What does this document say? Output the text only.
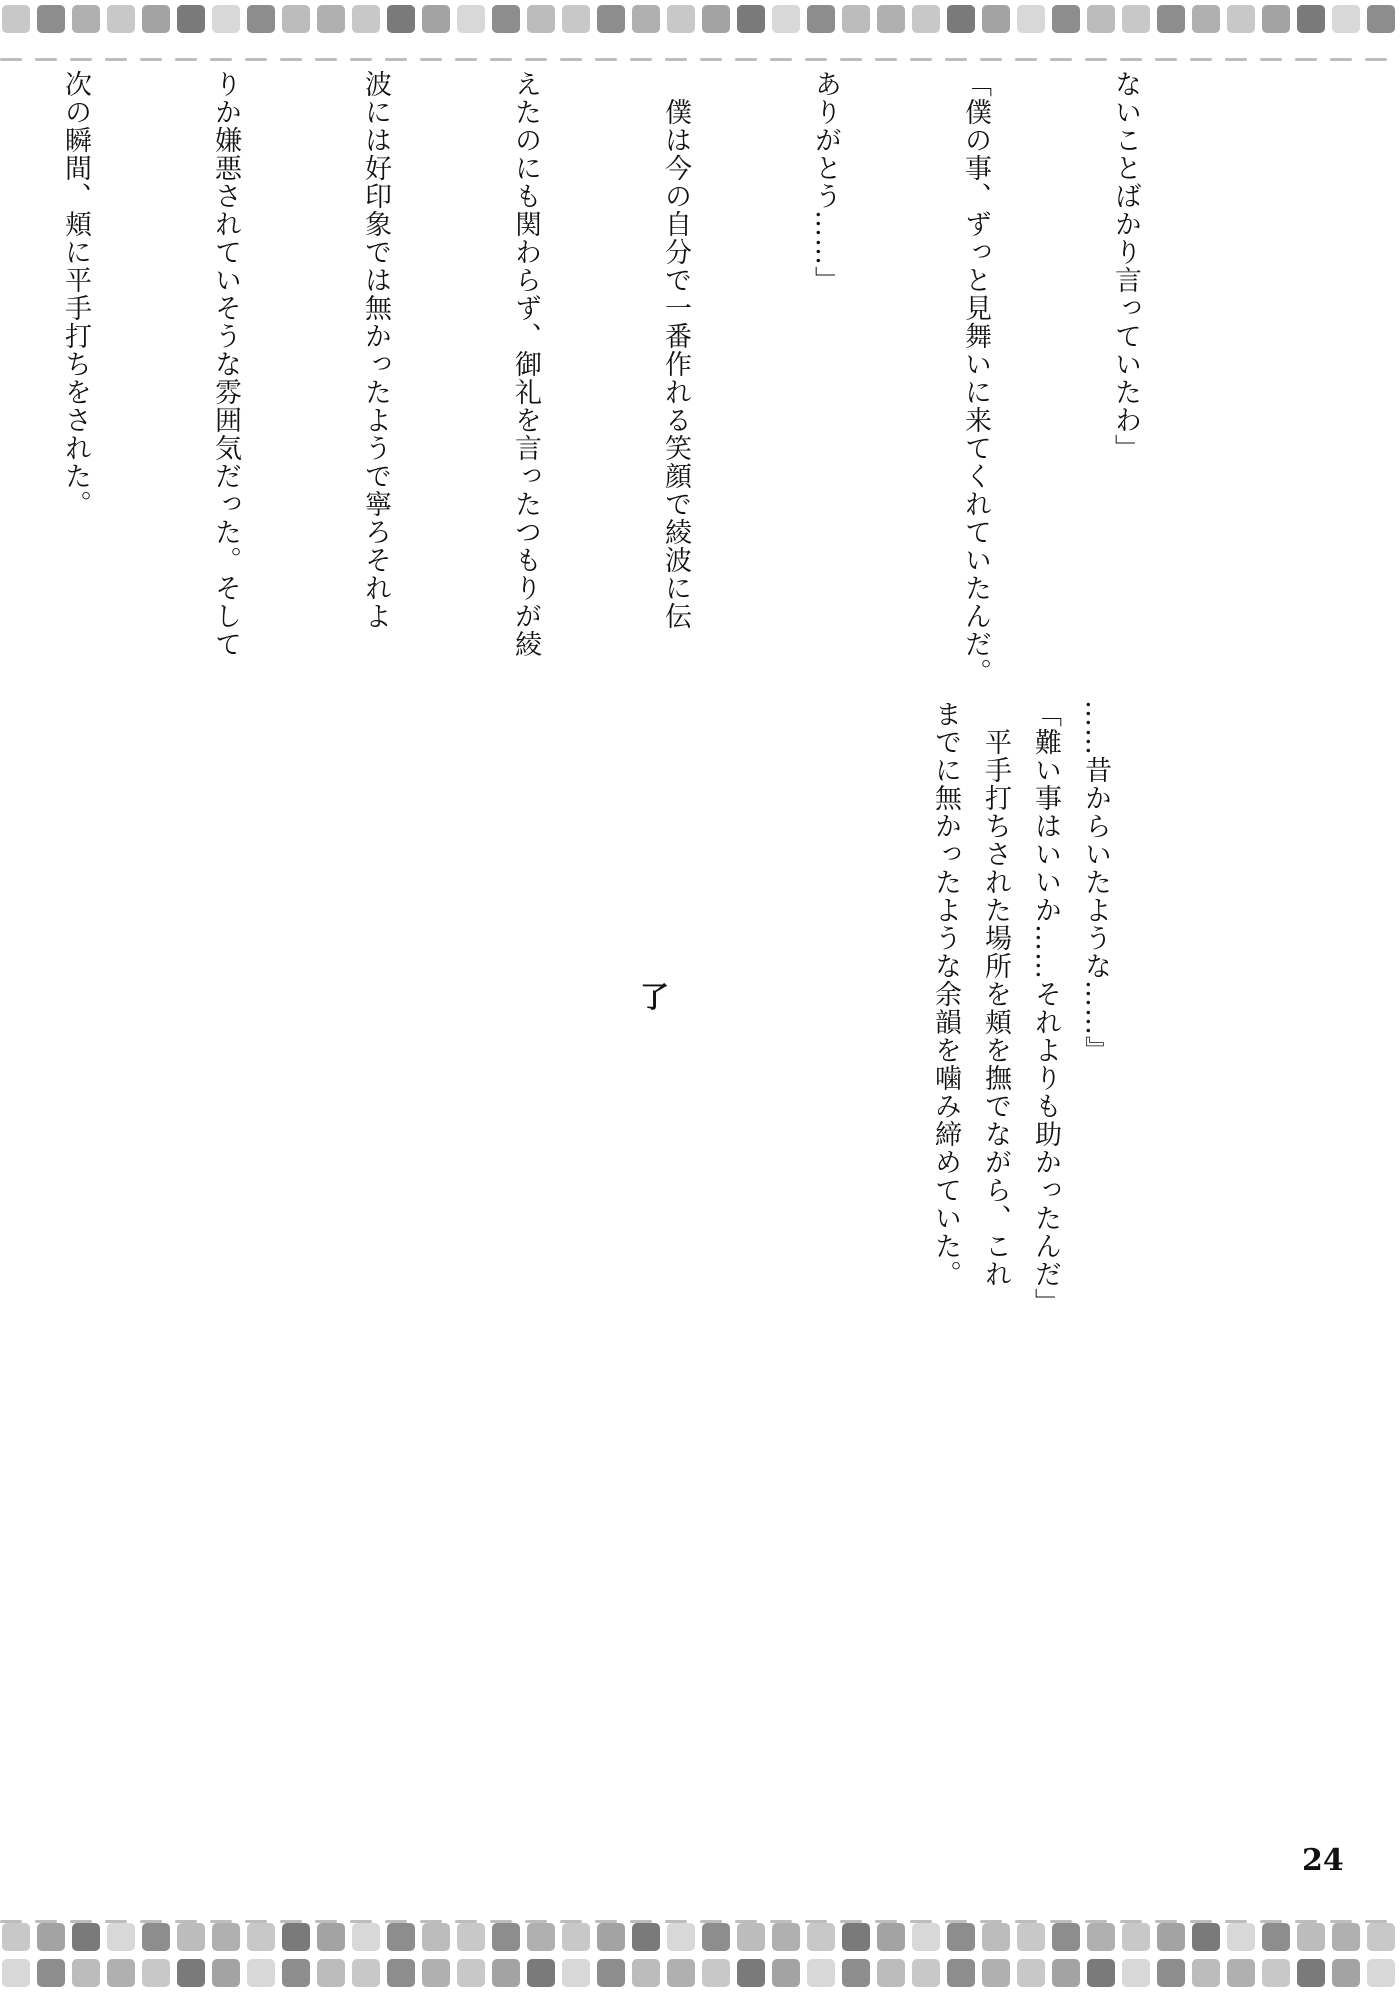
ないことばかり言っていたわ」

「僕の事、ずっと見舞いに来てくれていたんだ。

ありがとう……」

　僕は今の自分で一番作れる笑顔で綾波に伝

えたのにも関わらず、御礼を言ったつもりが綾

波には好印象では無かったようで寧ろそれよ

りか嫌悪されていそうな雰囲気だった。そして

次の瞬間、頬に平手打ちをされた。

……昔からいたような……』

「難い事はいいか……それよりも助かったんだ」

　平手打ちされた場所を頬を撫でながら、これ

までに無かったような余韻を噛み締めていた。

了
24
